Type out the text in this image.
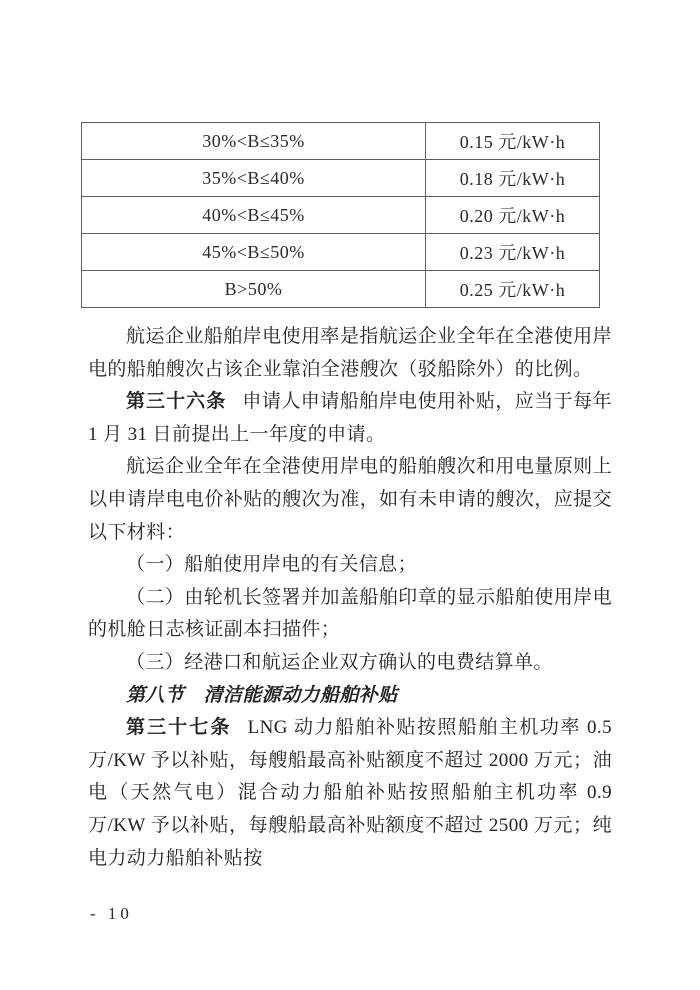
30%<B≤35%	0.15 元/kW·h
35%<B≤40%	0.18 元/kW·h
40%<B≤45%	0.20 元/kW·h
45%<B≤50%	0.23 元/kW·h
B>50%	0.25 元/kW·h

航运企业船舶岸电使用率是指航运企业全年在全港使用岸电的船舶艘次占该企业靠泊全港艘次（驳船除外）的比例。

第三十六条 申请人申请船舶岸电使用补贴，应当于每年 1 月 31 日前提出上一年度的申请。

航运企业全年在全港使用岸电的船舶艘次和用电量原则上以申请岸电电价补贴的艘次为准，如有未申请的艘次，应提交以下材料：

（一）船舶使用岸电的有关信息；

（二）由轮机长签署并加盖船舶印章的显示船舶使用岸电的机舱日志核证副本扫描件；

（三）经港口和航运企业双方确认的电费结算单。

第八节　清洁能源动力船舶补贴

第三十七条 LNG 动力船舶补贴按照船舶主机功率 0.5 万/KW 予以补贴，每艘船最高补贴额度不超过 2000 万元；油电（天然气电）混合动力船舶补贴按照船舶主机功率 0.9 万/KW 予以补贴，每艘船最高补贴额度不超过 2500 万元；纯电力动力船舶补贴按

- 10
